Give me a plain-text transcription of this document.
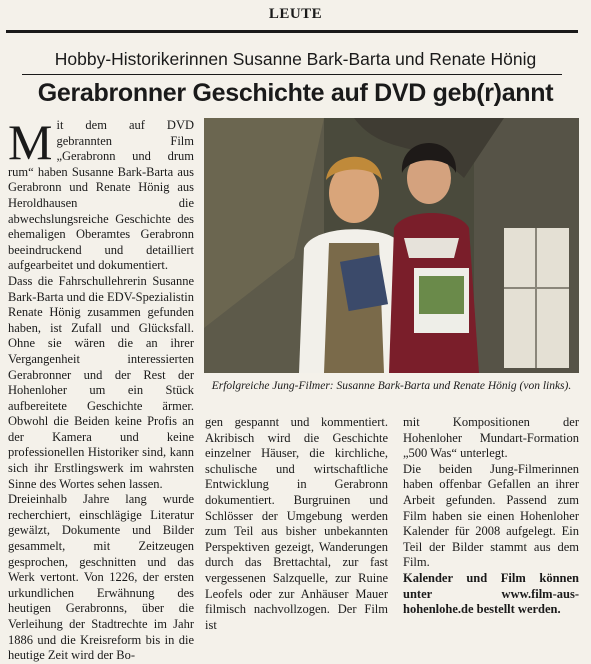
LEUTE
Hobby-Historikerinnen Susanne Bark-Barta und Renate Hönig
Gerabronner Geschichte auf DVD geb(r)annt

Mit dem auf DVD gebrannten Film „Gerabronn und drum rum“ haben Susanne Bark-Barta aus Gerabronn und Renate Hönig aus Heroldhausen die abwechslungsreiche Geschichte des ehemaligen Oberamtes Gerabronn beeindruckend und detailliert aufgearbeitet und dokumentiert.

Dass die Fahrschullehrerin Susanne Bark-Barta und die EDV-Spezialistin Renate Hönig zusammen gefunden haben, ist Zufall und Glücksfall. Ohne sie wären die an ihrer Vergangenheit interessierten Gerabronner und der Rest der Hohenloher um ein Stück aufbereitete Geschichte ärmer. Obwohl die Beiden keine Profis an der Kamera und keine professionellen Historiker sind, kann sich ihr Erstlingswerk im wahrsten Sinne des Wortes sehen lassen.

Dreieinhalb Jahre lang wurde recherchiert, einschlägige Literatur gewälzt, Dokumente und Bilder gesammelt, mit Zeitzeugen gesprochen, geschnitten und das Werk vertont. Von 1226, der ersten urkundlichen Erwähnung des heutigen Gerabronns, über die Verleihung der Stadtrechte im Jahr 1886 und die Kreisreform bis in die heutige Zeit wird der Bo-

Erfolgreiche Jung-Filmer: Susanne Bark-Barta und Renate Hönig (von links).

gen gespannt und kommentiert. Akribisch wird die Geschichte einzelner Häuser, die kirchliche, schulische und wirtschaftliche Entwicklung in Gerabronn dokumentiert. Burgruinen und Schlösser der Umgebung werden zum Teil aus bisher unbekannten Perspektiven gezeigt, Wanderungen durch das Brettachtal, zur fast vergessenen Salzquelle, zur Ruine Leofels oder zur Anhäuser Mauer filmisch nachvollzogen. Der Film ist

mit Kompositionen der Hohenloher Mundart-Formation „500 Was“ unterlegt.

Die beiden Jung-Filmerinnen haben offenbar Gefallen an ihrer Arbeit gefunden. Passend zum Film haben sie einen Hohenloher Kalender für 2008 aufgelegt. Ein Teil der Bilder stammt aus dem Film.

Kalender und Film können unter www.film-aus-hohenlohe.de bestellt werden.
